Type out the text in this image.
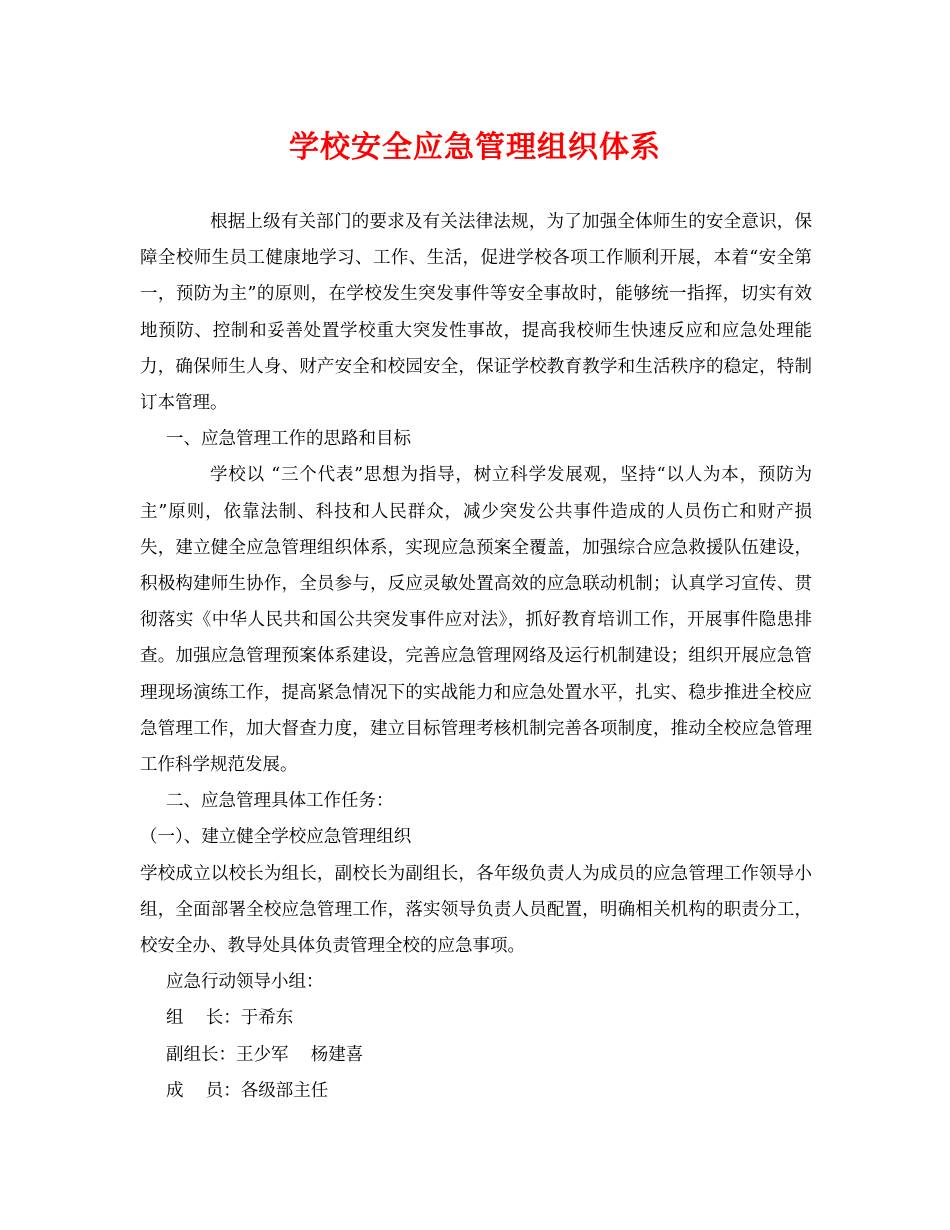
学校安全应急管理组织体系

根据上级有关部门的要求及有关法律法规，为了加强全体师生的安全意识，保障全校师生员工健康地学习、工作、生活，促进学校各项工作顺利开展，本着“安全第一，预防为主”的原则，在学校发生突发事件等安全事故时，能够统一指挥，切实有效地预防、控制和妥善处置学校重大突发性事故，提高我校师生快速反应和应急处理能力，确保师生人身、财产安全和校园安全，保证学校教育教学和生活秩序的稳定，特制订本管理。

一、应急管理工作的思路和目标

学校以 “三个代表”思想为指导，树立科学发展观，坚持“以人为本，预防为主”原则，依靠法制、科技和人民群众，减少突发公共事件造成的人员伤亡和财产损失，建立健全应急管理组织体系，实现应急预案全覆盖，加强综合应急救援队伍建设，积极构建师生协作，全员参与，反应灵敏处置高效的应急联动机制；认真学习宣传、贯彻落实《中华人民共和国公共突发事件应对法》，抓好教育培训工作，开展事件隐患排查。加强应急管理预案体系建设，完善应急管理网络及运行机制建设；组织开展应急管理现场演练工作，提高紧急情况下的实战能力和应急处置水平，扎实、稳步推进全校应急管理工作，加大督查力度，建立目标管理考核机制完善各项制度，推动全校应急管理工作科学规范发展。

二、应急管理具体工作任务：

（一）、建立健全学校应急管理组织

学校成立以校长为组长，副校长为副组长，各年级负责人为成员的应急管理工作领导小组，全面部署全校应急管理工作，落实领导负责人员配置，明确相关机构的职责分工，校安全办、教导处具体负责管理全校的应急事项。

应急行动领导小组：

组    长：于希东

副组长：王少军    杨建喜

成    员：各级部主任
